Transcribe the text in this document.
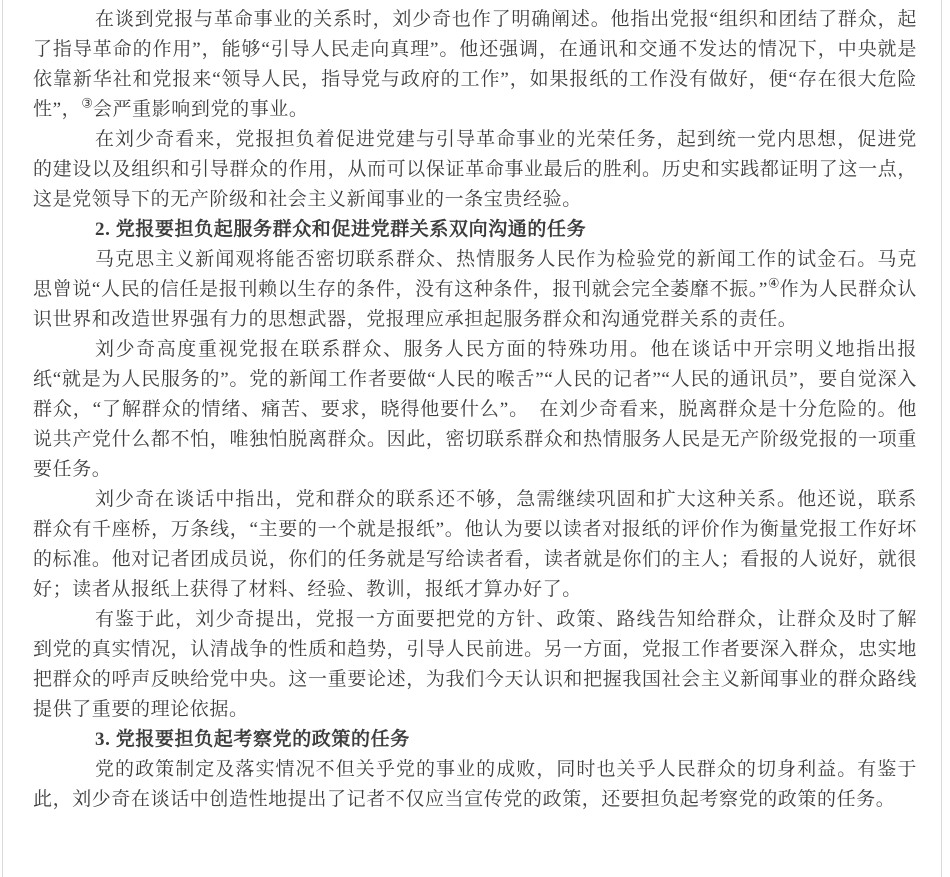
在谈到党报与革命事业的关系时，刘少奇也作了明确阐述。他指出党报“组织和团结了群众，起了指导革命的作用”，能够“引导人民走向真理”。他还强调，在通讯和交通不发达的情况下，中央就是依靠新华社和党报来“领导人民，指导党与政府的工作”，如果报纸的工作没有做好，便“存在很大危险性”，③会严重影响到党的事业。

在刘少奇看来，党报担负着促进党建与引导革命事业的光荣任务，起到统一党内思想，促进党的建设以及组织和引导群众的作用，从而可以保证革命事业最后的胜利。历史和实践都证明了这一点，这是党领导下的无产阶级和社会主义新闻事业的一条宝贵经验。

2. 党报要担负起服务群众和促进党群关系双向沟通的任务

马克思主义新闻观将能否密切联系群众、热情服务人民作为检验党的新闻工作的试金石。马克思曾说“人民的信任是报刊赖以生存的条件，没有这种条件，报刊就会完全萎靡不振。”④作为人民群众认识世界和改造世界强有力的思想武器，党报理应承担起服务群众和沟通党群关系的责任。

刘少奇高度重视党报在联系群众、服务人民方面的特殊功用。他在谈话中开宗明义地指出报纸“就是为人民服务的”。党的新闻工作者要做“人民的喉舌”“人民的记者”“人民的通讯员”，要自觉深入群众，“了解群众的情绪、痛苦、要求，晓得他要什么”。　在刘少奇看来，脱离群众是十分危险的。他说共产党什么都不怕，唯独怕脱离群众。因此，密切联系群众和热情服务人民是无产阶级党报的一项重要任务。

刘少奇在谈话中指出，党和群众的联系还不够，急需继续巩固和扩大这种关系。他还说，联系群众有千座桥，万条线，“主要的一个就是报纸”。他认为要以读者对报纸的评价作为衡量党报工作好坏的标准。他对记者团成员说，你们的任务就是写给读者看，读者就是你们的主人；看报的人说好，就很好；读者从报纸上获得了材料、经验、教训，报纸才算办好了。

有鉴于此，刘少奇提出，党报一方面要把党的方针、政策、路线告知给群众，让群众及时了解到党的真实情况，认清战争的性质和趋势，引导人民前进。另一方面，党报工作者要深入群众，忠实地把群众的呼声反映给党中央。这一重要论述，为我们今天认识和把握我国社会主义新闻事业的群众路线提供了重要的理论依据。

3. 党报要担负起考察党的政策的任务

党的政策制定及落实情况不但关乎党的事业的成败，同时也关乎人民群众的切身利益。有鉴于此，刘少奇在谈话中创造性地提出了记者不仅应当宣传党的政策，还要担负起考察党的政策的任务。
